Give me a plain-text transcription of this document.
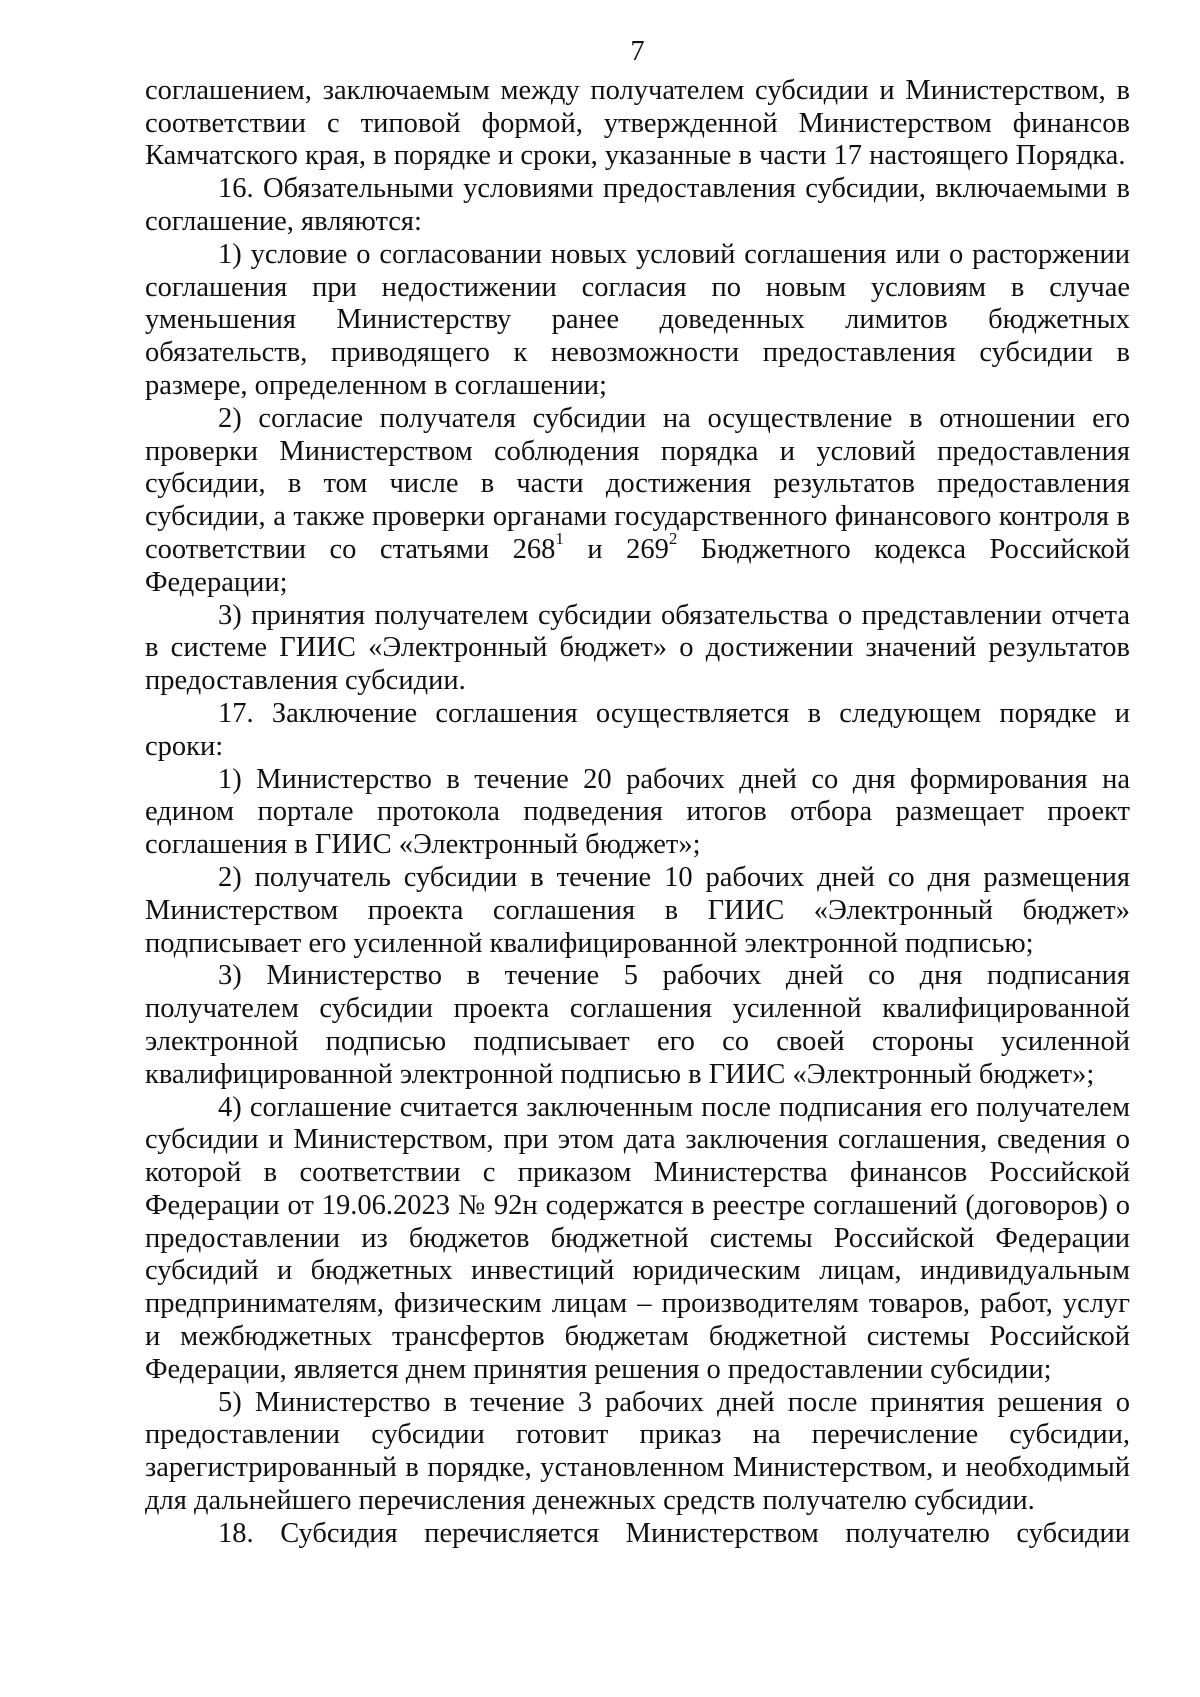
7

соглашением, заключаемым между получателем субсидии и Министерством, в соответствии с типовой формой, утвержденной Министерством финансов Камчатского края, в порядке и сроки, указанные в части 17 настоящего Порядка.

16. Обязательными условиями предоставления субсидии, включаемыми в соглашение, являются:

1) условие о согласовании новых условий соглашения или о расторжении соглашения при недостижении согласия по новым условиям в случае уменьшения Министерству ранее доведенных лимитов бюджетных обязательств, приводящего к невозможности предоставления субсидии в размере, определенном в соглашении;

2) согласие получателя субсидии на осуществление в отношении его проверки Министерством соблюдения порядка и условий предоставления субсидии, в том числе в части достижения результатов предоставления субсидии, а также проверки органами государственного финансового контроля в соответствии со статьями $268^1$ и $269^2$ Бюджетного кодекса Российской Федерации;

3) принятия получателем субсидии обязательства о представлении отчета в системе ГИИС «Электронный бюджет» о достижении значений результатов предоставления субсидии.

17. Заключение соглашения осуществляется в следующем порядке и сроки:

1) Министерство в течение 20 рабочих дней со дня формирования на едином портале протокола подведения итогов отбора размещает проект соглашения в ГИИС «Электронный бюджет»;

2) получатель субсидии в течение 10 рабочих дней со дня размещения Министерством проекта соглашения в ГИИС «Электронный бюджет» подписывает его усиленной квалифицированной электронной подписью;

3) Министерство в течение 5 рабочих дней со дня подписания получателем субсидии проекта соглашения усиленной квалифицированной электронной подписью подписывает его со своей стороны усиленной квалифицированной электронной подписью в ГИИС «Электронный бюджет»;

4) соглашение считается заключенным после подписания его получателем субсидии и Министерством, при этом дата заключения соглашения, сведения о которой в соответствии с приказом Министерства финансов Российской Федерации от 19.06.2023 № 92н содержатся в реестре соглашений (договоров) о предоставлении из бюджетов бюджетной системы Российской Федерации субсидий и бюджетных инвестиций юридическим лицам, индивидуальным предпринимателям, физическим лицам – производителям товаров, работ, услуг и межбюджетных трансфертов бюджетам бюджетной системы Российской Федерации, является днем принятия решения о предоставлении субсидии;

5) Министерство в течение 3 рабочих дней после принятия решения о предоставлении субсидии готовит приказ на перечисление субсидии, зарегистрированный в порядке, установленном Министерством, и необходимый для дальнейшего перечисления денежных средств получателю субсидии.

18. Субсидия перечисляется Министерством получателю субсидии
